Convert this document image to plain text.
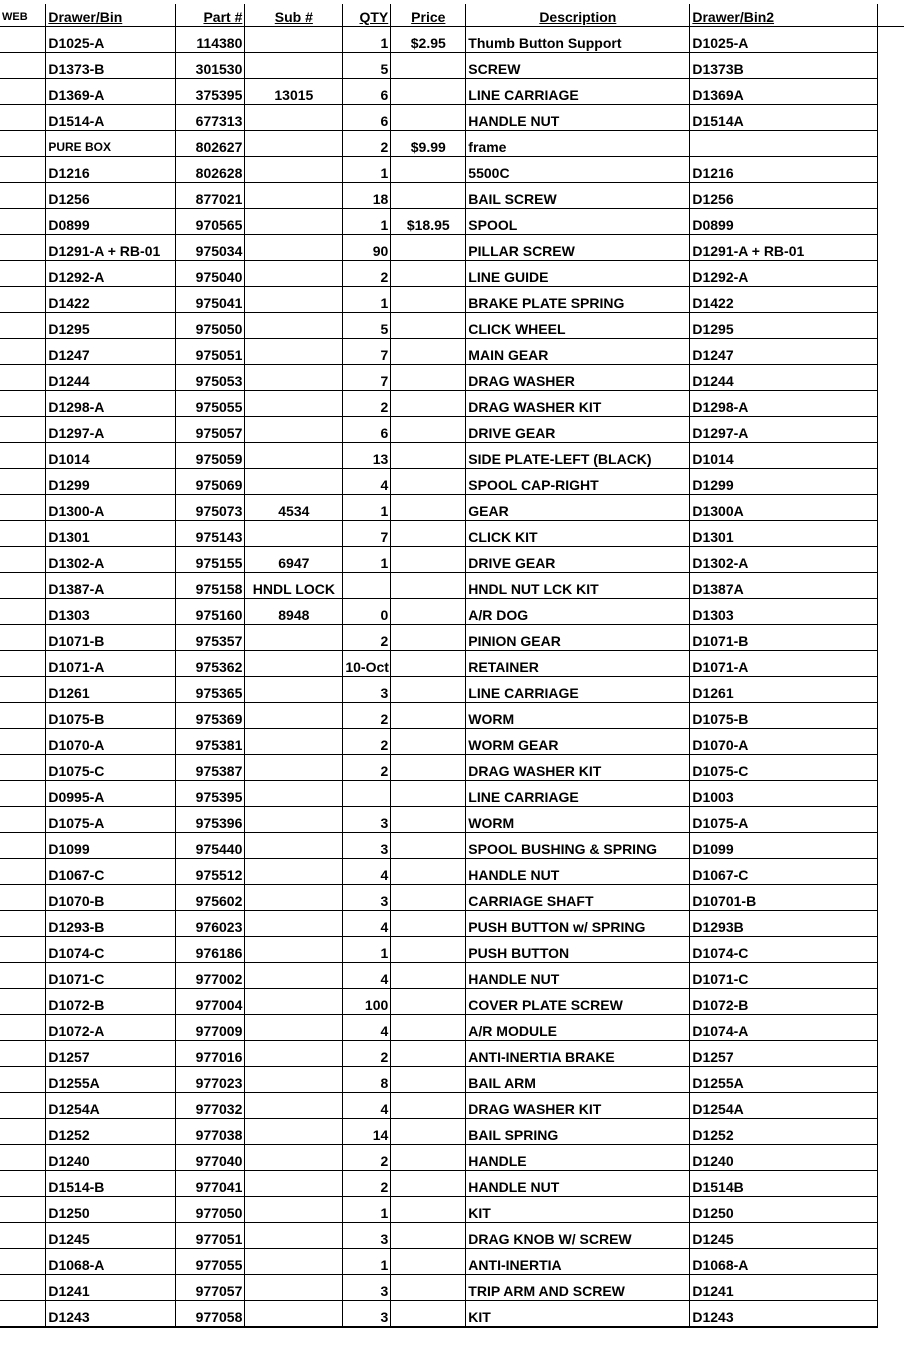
WEB	Drawer/Bin	Part #	Sub #	QTY	Price	Description	Drawer/Bin2
	D1025-A	114380		1	$2.95	Thumb Button Support	D1025-A
	D1373-B	301530		5		SCREW	D1373B
	D1369-A	375395	13015	6		LINE CARRIAGE	D1369A
	D1514-A	677313		6		HANDLE NUT	D1514A
	PURE BOX	802627		2	$9.99	frame	
	D1216	802628		1		5500C	D1216
	D1256	877021		18		BAIL SCREW	D1256
	D0899	970565		1	$18.95	SPOOL	D0899
	D1291-A + RB-01	975034		90		PILLAR SCREW	D1291-A + RB-01
	D1292-A	975040		2		LINE GUIDE	D1292-A
	D1422	975041		1		BRAKE PLATE SPRING	D1422
	D1295	975050		5		CLICK WHEEL	D1295
	D1247	975051		7		MAIN GEAR	D1247
	D1244	975053		7		DRAG WASHER	D1244
	D1298-A	975055		2		DRAG WASHER KIT	D1298-A
	D1297-A	975057		6		DRIVE GEAR	D1297-A
	D1014	975059		13		SIDE PLATE-LEFT (BLACK)	D1014
	D1299	975069		4		SPOOL CAP-RIGHT	D1299
	D1300-A	975073	4534	1		GEAR	D1300A
	D1301	975143		7		CLICK KIT	D1301
	D1302-A	975155	6947	1		DRIVE GEAR	D1302-A
	D1387-A	975158	HNDL LOCK			HNDL NUT LCK KIT	D1387A
	D1303	975160	8948	0		A/R DOG	D1303
	D1071-B	975357		2		PINION GEAR	D1071-B
	D1071-A	975362		10-Oct		RETAINER	D1071-A
	D1261	975365		3		LINE CARRIAGE	D1261
	D1075-B	975369		2		WORM	D1075-B
	D1070-A	975381		2		WORM GEAR	D1070-A
	D1075-C	975387		2		DRAG WASHER KIT	D1075-C
	D0995-A	975395				LINE CARRIAGE	D1003
	D1075-A	975396		3		WORM	D1075-A
	D1099	975440		3		SPOOL BUSHING & SPRING	D1099
	D1067-C	975512		4		HANDLE NUT	D1067-C
	D1070-B	975602		3		CARRIAGE SHAFT	D10701-B
	D1293-B	976023		4		PUSH BUTTON w/ SPRING	D1293B
	D1074-C	976186		1		PUSH BUTTON	D1074-C
	D1071-C	977002		4		HANDLE NUT	D1071-C
	D1072-B	977004		100		COVER PLATE SCREW	D1072-B
	D1072-A	977009		4		A/R MODULE	D1074-A
	D1257	977016		2		ANTI-INERTIA BRAKE	D1257
	D1255A	977023		8		BAIL ARM	D1255A
	D1254A	977032		4		DRAG WASHER KIT	D1254A
	D1252	977038		14		BAIL SPRING	D1252
	D1240	977040		2		HANDLE	D1240
	D1514-B	977041		2		HANDLE NUT	D1514B
	D1250	977050		1		KIT	D1250
	D1245	977051		3		DRAG KNOB W/ SCREW	D1245
	D1068-A	977055		1		ANTI-INERTIA	D1068-A
	D1241	977057		3		TRIP ARM AND SCREW	D1241
	D1243	977058		3		KIT	D1243
